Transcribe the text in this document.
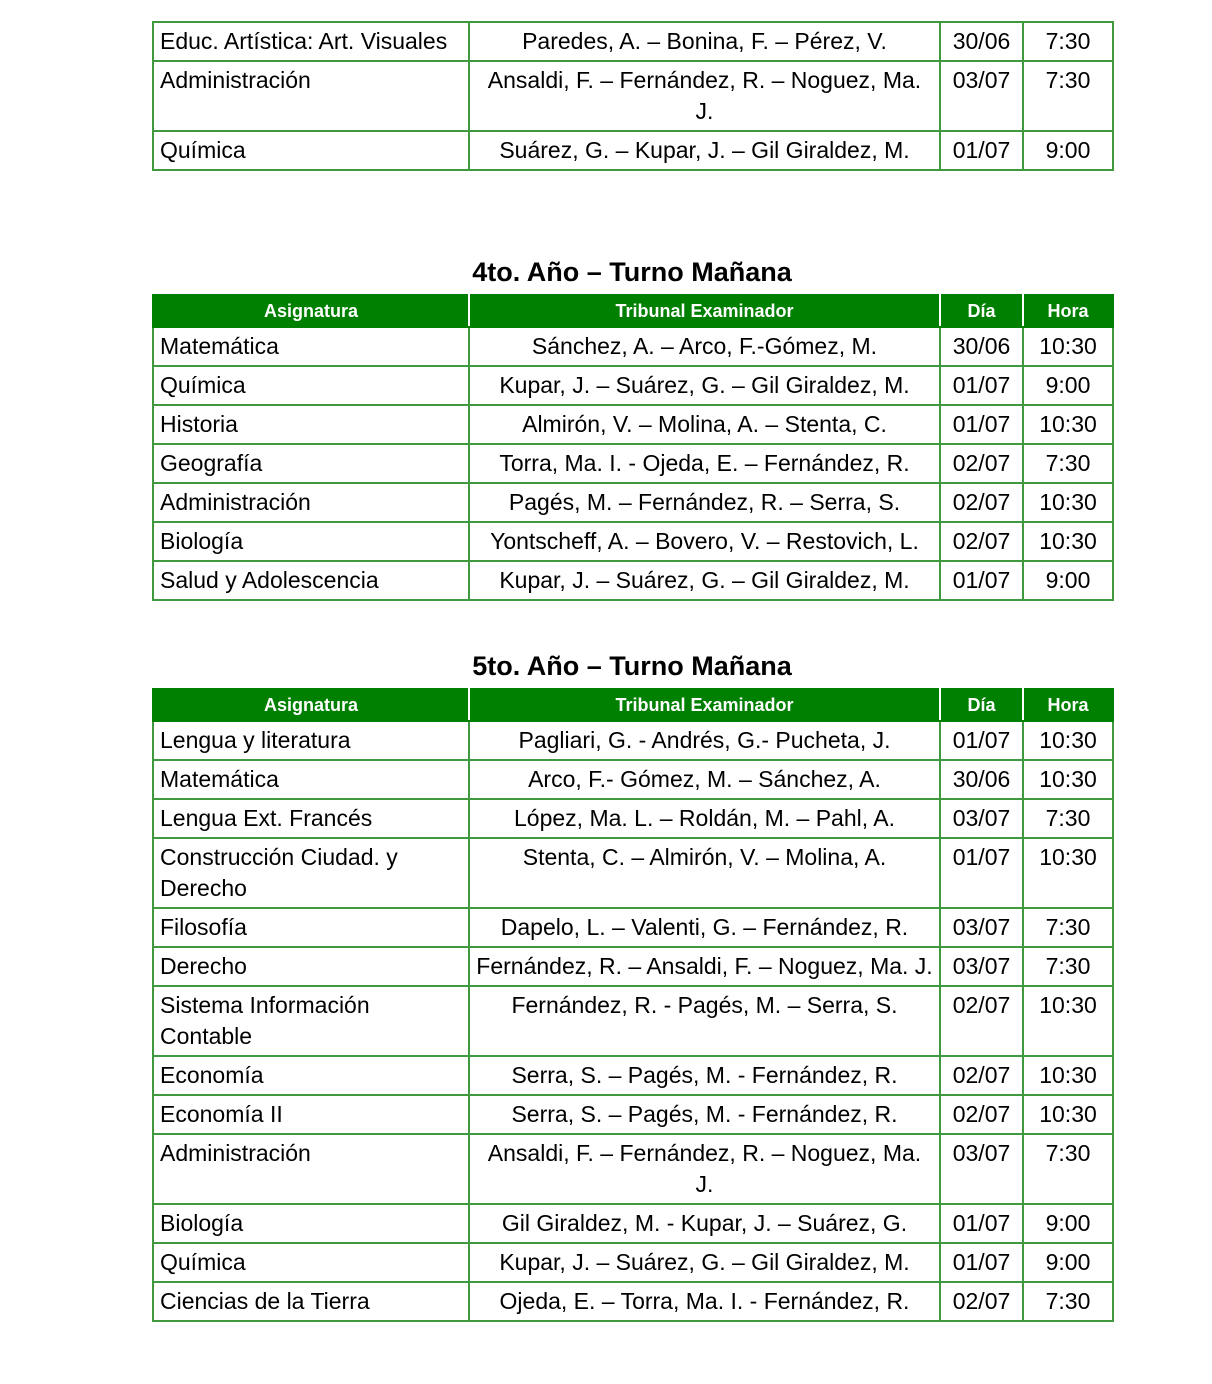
Educ. Artística: Art. Visuales	Paredes, A. – Bonina, F. – Pérez, V.	30/06	7:30
Administración	Ansaldi, F. – Fernández, R. – Noguez, Ma. J.	03/07	7:30
Química	Suárez, G. – Kupar, J. – Gil Giraldez, M.	01/07	9:00
4to. Año – Turno Mañana
Asignatura	Tribunal Examinador	Día	Hora
Matemática	Sánchez, A. – Arco, F.-Gómez, M.	30/06	10:30
Química	Kupar, J. – Suárez, G. – Gil Giraldez, M.	01/07	9:00
Historia	Almirón, V. – Molina, A. – Stenta, C.	01/07	10:30
Geografía	Torra, Ma. I. - Ojeda, E. – Fernández, R.	02/07	7:30
Administración	Pagés, M. – Fernández, R. – Serra, S.	02/07	10:30
Biología	Yontscheff, A. – Bovero, V. – Restovich, L.	02/07	10:30
Salud y Adolescencia	Kupar, J. – Suárez, G. – Gil Giraldez, M.	01/07	9:00
5to. Año – Turno Mañana
Asignatura	Tribunal Examinador	Día	Hora
Lengua y literatura	Pagliari, G. - Andrés, G.- Pucheta, J.	01/07	10:30
Matemática	Arco, F.- Gómez, M. – Sánchez, A.	30/06	10:30
Lengua Ext. Francés	López, Ma. L. – Roldán, M. – Pahl, A.	03/07	7:30
Construcción Ciudad. y Derecho	Stenta, C. – Almirón, V. – Molina, A.	01/07	10:30
Filosofía	Dapelo, L. – Valenti, G. – Fernández, R.	03/07	7:30
Derecho	Fernández, R. – Ansaldi, F. – Noguez, Ma. J.	03/07	7:30
Sistema Información Contable	Fernández, R. - Pagés, M. – Serra, S.	02/07	10:30
Economía	Serra, S. – Pagés, M. - Fernández, R.	02/07	10:30
Economía II	Serra, S. – Pagés, M. - Fernández, R.	02/07	10:30
Administración	Ansaldi, F. – Fernández, R. – Noguez, Ma. J.	03/07	7:30
Biología	Gil Giraldez, M. - Kupar, J. – Suárez, G.	01/07	9:00
Química	Kupar, J. – Suárez, G. – Gil Giraldez, M.	01/07	9:00
Ciencias de la Tierra	Ojeda, E. – Torra, Ma. I. - Fernández, R.	02/07	7:30
